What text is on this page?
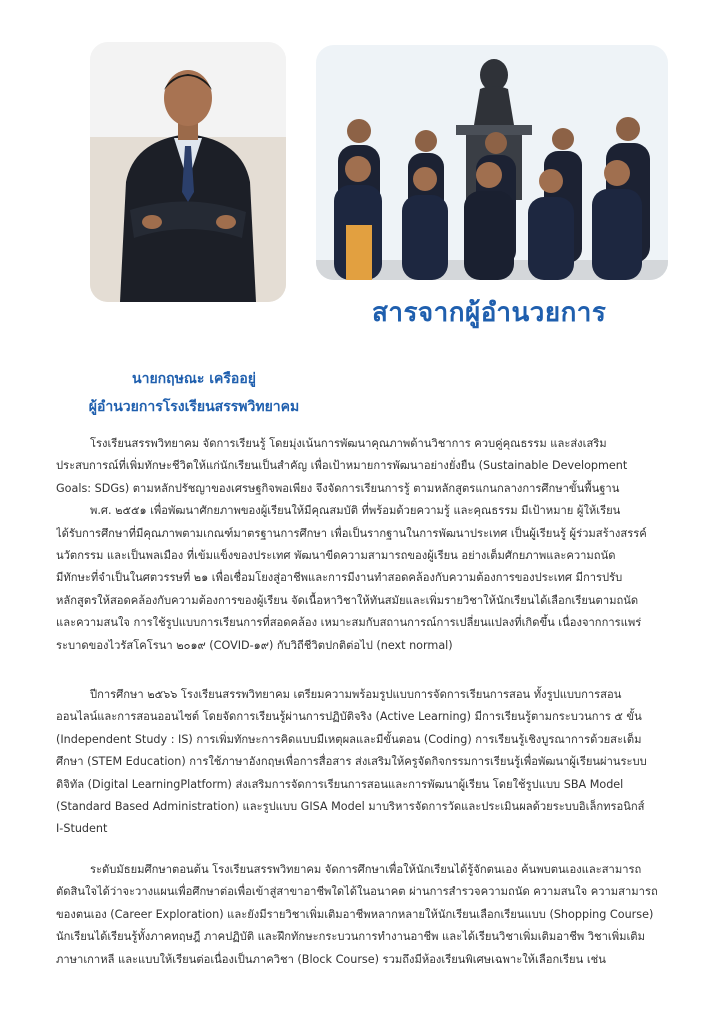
สารจากผู้อำนวยการ
นายกฤษณะ เครืออยู่
ผู้อำนวยการโรงเรียนสรรพวิทยาคม
โรงเรียนสรรพวิทยาคม จัดการเรียนรู้ โดยมุ่งเน้นการพัฒนาคุณภาพด้านวิชาการ ควบคู่คุณธรรม และส่งเสริม
ประสบการณ์ที่เพิ่มทักษะชีวิตให้แก่นักเรียนเป็นสำคัญ เพื่อเป้าหมายการพัฒนาอย่างยั่งยืน (Sustainable Development
Goals: SDGs) ตามหลักปรัชญาของเศรษฐกิจพอเพียง จึงจัดการเรียนการรู้ ตามหลักสูตรแกนกลางการศึกษาขั้นพื้นฐาน
พ.ศ. ๒๕๕๑ เพื่อพัฒนาศักยภาพของผู้เรียนให้มีคุณสมบัติ ที่พร้อมด้วยความรู้ และคุณธรรม มีเป้าหมาย ผู้ให้เรียน
ได้รับการศึกษาที่มีคุณภาพตามเกณฑ์มาตรฐานการศึกษา เพื่อเป็นรากฐานในการพัฒนาประเทศ เป็นผู้เรียนรู้ ผู้ร่วมสร้างสรรค์
นวัตกรรม และเป็นพลเมือง ที่เข้มแข็งของประเทศ พัฒนาขีดความสามารถของผู้เรียน อย่างเต็มศักยภาพและความถนัด
มีทักษะที่จำเป็นในศตวรรษที่ ๒๑ เพื่อเชื่อมโยงสู่อาชีพและการมีงานทำสอดคล้องกับความต้องการของประเทศ มีการปรับ
หลักสูตรให้สอดคล้องกับความต้องการของผู้เรียน จัดเนื้อหาวิชาให้ทันสมัยและเพิ่มรายวิชาให้นักเรียนได้เลือกเรียนตามถนัด
และความสนใจ การใช้รูปแบบการเรียนการที่สอดคล้อง เหมาะสมกับสถานการณ์การเปลี่ยนแปลงที่เกิดขึ้น เนื่องจากการแพร่
ระบาดของไวรัสโคโรนา ๒๐๑๙ (COVID-๑๙) กับวิถีชีวิตปกติต่อไป (next normal)
ปีการศึกษา ๒๕๖๖ โรงเรียนสรรพวิทยาคม เตรียมความพร้อมรูปแบบการจัดการเรียนการสอน ทั้งรูปแบบการสอน
ออนไลน์และการสอนออนไซต์ โดยจัดการเรียนรู้ผ่านการปฏิบัติจริง (Active Learning) มีการเรียนรู้ตามกระบวนการ ๕ ขั้น
(Independent Study : IS) การเพิ่มทักษะการคิดแบบมีเหตุผลและมีขั้นตอน (Coding) การเรียนรู้เชิงบูรณาการด้วยสะเต็ม
ศึกษา (STEM Education) การใช้ภาษาอังกฤษเพื่อการสื่อสาร ส่งเสริมให้ครูจัดกิจกรรมการเรียนรู้เพื่อพัฒนาผู้เรียนผ่านระบบ
ดิจิทัล (Digital LearningPlatform) ส่งเสริมการจัดการเรียนการสอนและการพัฒนาผู้เรียน โดยใช้รูปแบบ SBA Model
(Standard Based Administration) และรูปแบบ GISA Model มาบริหารจัดการวัดและประเมินผลด้วยระบบอิเล็กทรอนิกส์
I-Student
ระดับมัธยมศึกษาตอนต้น โรงเรียนสรรพวิทยาคม จัดการศึกษาเพื่อให้นักเรียนได้รู้จักตนเอง ค้นพบตนเองและสามารถ
ตัดสินใจได้ว่าจะวางแผนเพื่อศึกษาต่อเพื่อเข้าสู่สาขาอาชีพใดได้ในอนาคต ผ่านการสำรวจความถนัด ความสนใจ ความสามารถ
ของตนเอง (Career Exploration) และยังมีรายวิชาเพิ่มเติมอาชีพหลากหลายให้นักเรียนเลือกเรียนแบบ (Shopping Course)
นักเรียนได้เรียนรู้ทั้งภาคทฤษฎี ภาคปฏิบัติ และฝึกทักษะกระบวนการทำงานอาชีพ และได้เรียนวิชาเพิ่มเติมอาชีพ วิชาเพิ่มเติม
ภาษาเกาหลี และแบบให้เรียนต่อเนื่องเป็นภาควิชา (Block Course) รวมถึงมีห้องเรียนพิเศษเฉพาะให้เลือกเรียน เช่น
